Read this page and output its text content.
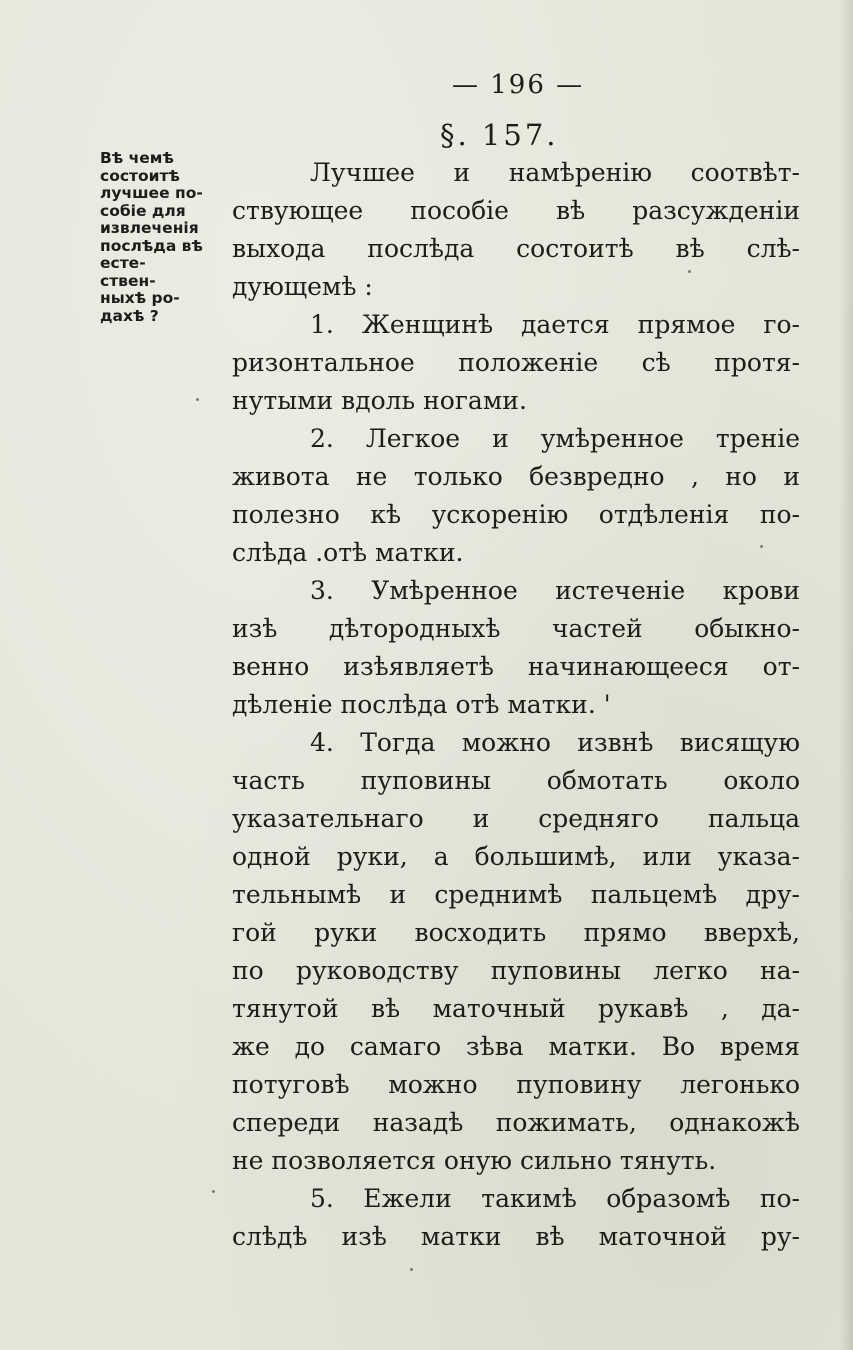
— 196 —
§. 157.
Вѣ чемѣ
состоитѣ
лучшее по-
собіе для
извлеченія
послѣда вѣ
есте-
ствен-
ныхѣ ро-
дахѣ ?
Лучшее и намѣренію соотвѣт-
ствующее пособіе вѣ разсужденіи
выхода послѣда состоитѣ вѣ слѣ-
дующемѣ :
1. Женщинѣ дается прямое го-
ризонтальное положеніе сѣ протя-
нутыми вдоль ногами.
2. Легкое и умѣренное треніе
живота не только безвредно , но и
полезно кѣ ускоренію отдѣленія по-
слѣда .отѣ матки.
3. Умѣренное истеченіе крови
изѣ дѣтородныхѣ частей обыкно-
венно изѣявляетѣ начинающееся от-
дѣленіе послѣда отѣ матки. '
4. Тогда можно извнѣ висящую
часть пуповины обмотать около
указательнаго и средняго пальца
одной руки, а большимѣ, или указа-
тельнымѣ и среднимѣ пальцемѣ дру-
гой руки восходить прямо вверхѣ,
по руководству пуповины легко на-
тянутой вѣ маточный рукавѣ , да-
же до самаго зѣва матки. Во время
потуговѣ можно пуповину легонько
спереди назадѣ пожимать, однакожѣ
не позволяется оную сильно тянуть.
5. Ежели такимѣ образомѣ по-
слѣдѣ изѣ матки вѣ маточной ру-
